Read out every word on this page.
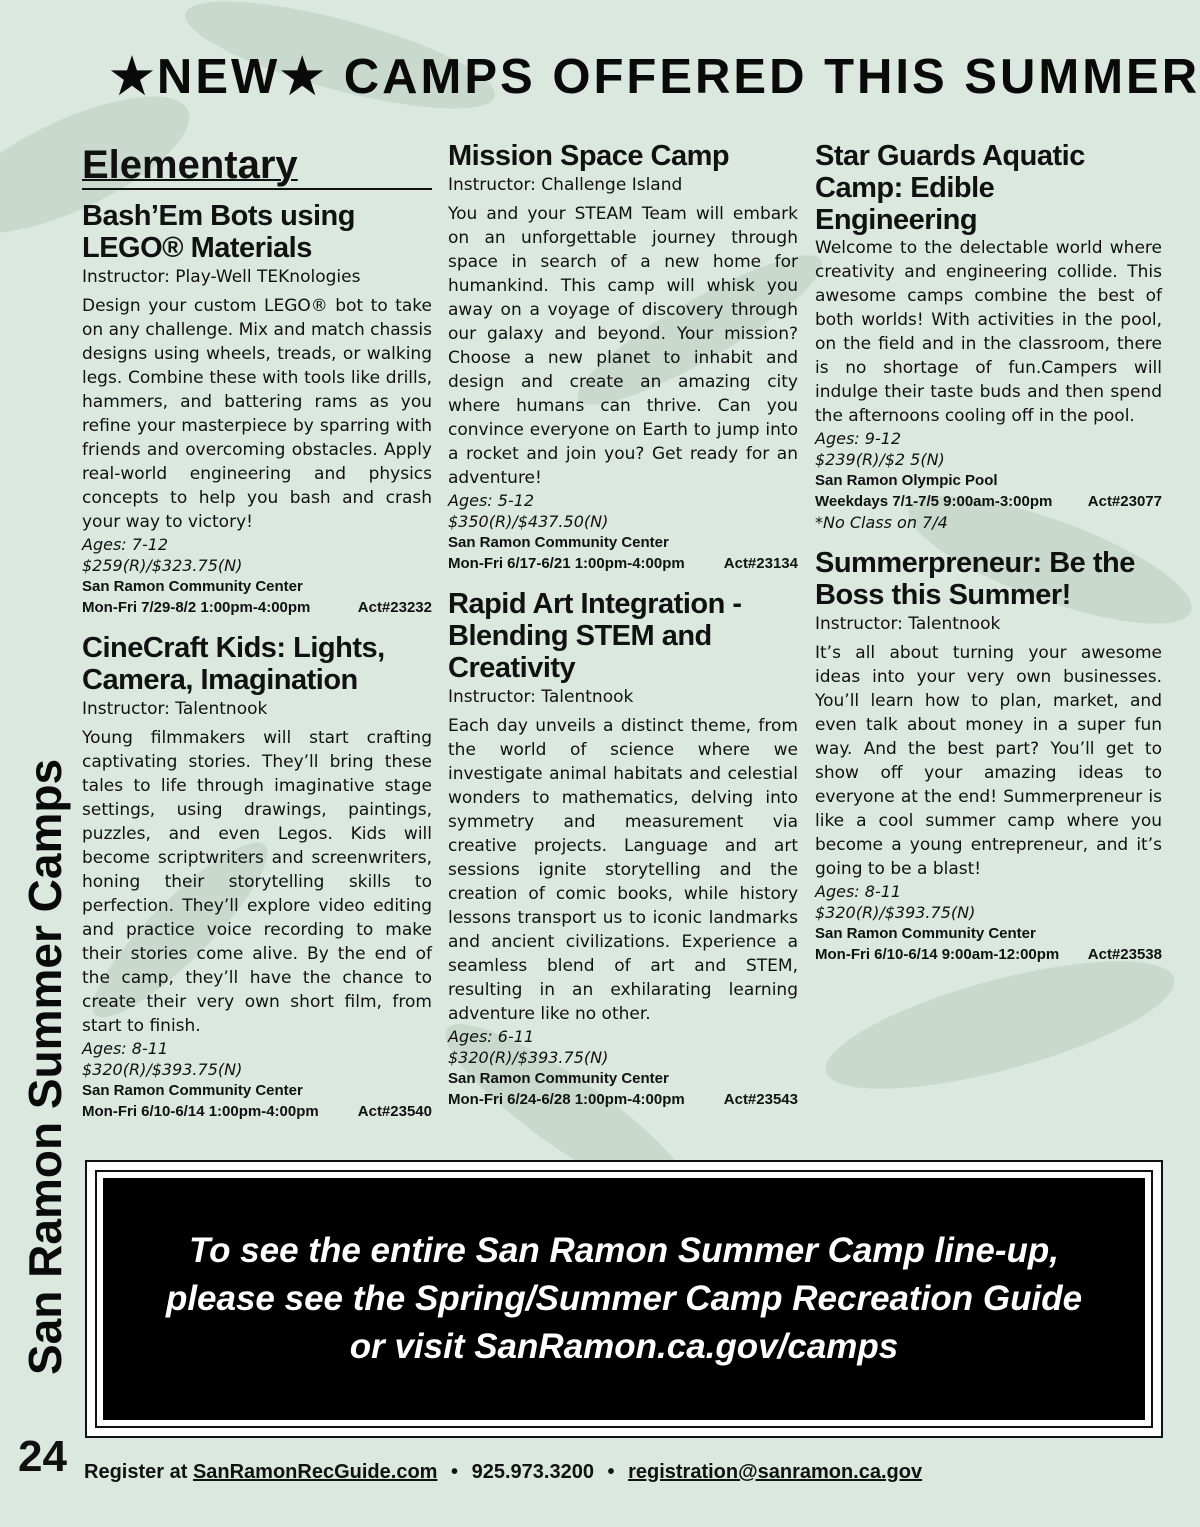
★NEW★ CAMPS OFFERED THIS SUMMER
San Ramon Summer Camps
Elementary
Bash’Em Bots using LEGO® Materials
Instructor: Play-Well TEKnologies

Design your custom LEGO® bot to take on any challenge. Mix and match chassis designs using wheels, treads, or walking legs. Combine these with tools like drills, hammers, and battering rams as you refine your masterpiece by sparring with friends and overcoming obstacles. Apply real-world engineering and physics concepts to help you bash and crash your way to victory!

Ages: 7-12
$259(R)/$323.75(N)
San Ramon Community Center
Mon-Fri 7/29-8/2 1:00pm-4:00pm	Act#23232
CineCraft Kids: Lights, Camera, Imagination
Instructor: Talentnook

Young filmmakers will start crafting captivating stories. They’ll bring these tales to life through imaginative stage settings, using drawings, paintings, puzzles, and even Legos. Kids will become scriptwriters and screenwriters, honing their storytelling skills to perfection. They’ll explore video editing and practice voice recording to make their stories come alive. By the end of the camp, they’ll have the chance to create their very own short film, from start to finish.

Ages: 8-11
$320(R)/$393.75(N)
San Ramon Community Center
Mon-Fri 6/10-6/14 1:00pm-4:00pm	Act#23540
Mission Space Camp
Instructor: Challenge Island

You and your STEAM Team will embark on an unforgettable journey through space in search of a new home for humankind. This camp will whisk you away on a voyage of discovery through our galaxy and beyond. Your mission? Choose a new planet to inhabit and design and create an amazing city where humans can thrive. Can you convince everyone on Earth to jump into a rocket and join you? Get ready for an adventure!

Ages: 5-12
$350(R)/$437.50(N)
San Ramon Community Center
Mon-Fri 6/17-6/21 1:00pm-4:00pm	Act#23134
Rapid Art Integration - Blending STEM and Creativity
Instructor: Talentnook

Each day unveils a distinct theme, from the world of science where we investigate animal habitats and celestial wonders to mathematics, delving into symmetry and measurement via creative projects. Language and art sessions ignite storytelling and the creation of comic books, while history lessons transport us to iconic landmarks and ancient civilizations. Experience a seamless blend of art and STEM, resulting in an exhilarating learning adventure like no other.

Ages: 6-11
$320(R)/$393.75(N)
San Ramon Community Center
Mon-Fri 6/24-6/28 1:00pm-4:00pm	Act#23543
Star Guards Aquatic Camp: Edible Engineering

Welcome to the delectable world where creativity and engineering collide. This awesome camps combine the best of both worlds! With activities in the pool, on the field and in the classroom, there is no shortage of fun.Campers will indulge their taste buds and then spend the afternoons cooling off in the pool.

Ages: 9-12
$239(R)/$2 5(N)
San Ramon Olympic Pool
Weekdays 7/1-7/5 9:00am-3:00pm Act#23077
*No Class on 7/4
Summerpreneur: Be the Boss this Summer!
Instructor: Talentnook

It’s all about turning your awesome ideas into your very own businesses. You’ll learn how to plan, market, and even talk about money in a super fun way. And the best part? You’ll get to show off your amazing ideas to everyone at the end! Summerpreneur is like a cool summer camp where you become a young entrepreneur, and it’s going to be a blast!

Ages: 8-11
$320(R)/$393.75(N)
San Ramon Community Center
Mon-Fri 6/10-6/14 9:00am-12:00pm Act#23538
To see the entire San Ramon Summer Camp line-up,
please see the Spring/Summer Camp Recreation Guide
or visit SanRamon.ca.gov/camps
24 Register at SanRamonRecGuide.com • 925.973.3200 • registration@sanramon.ca.gov
